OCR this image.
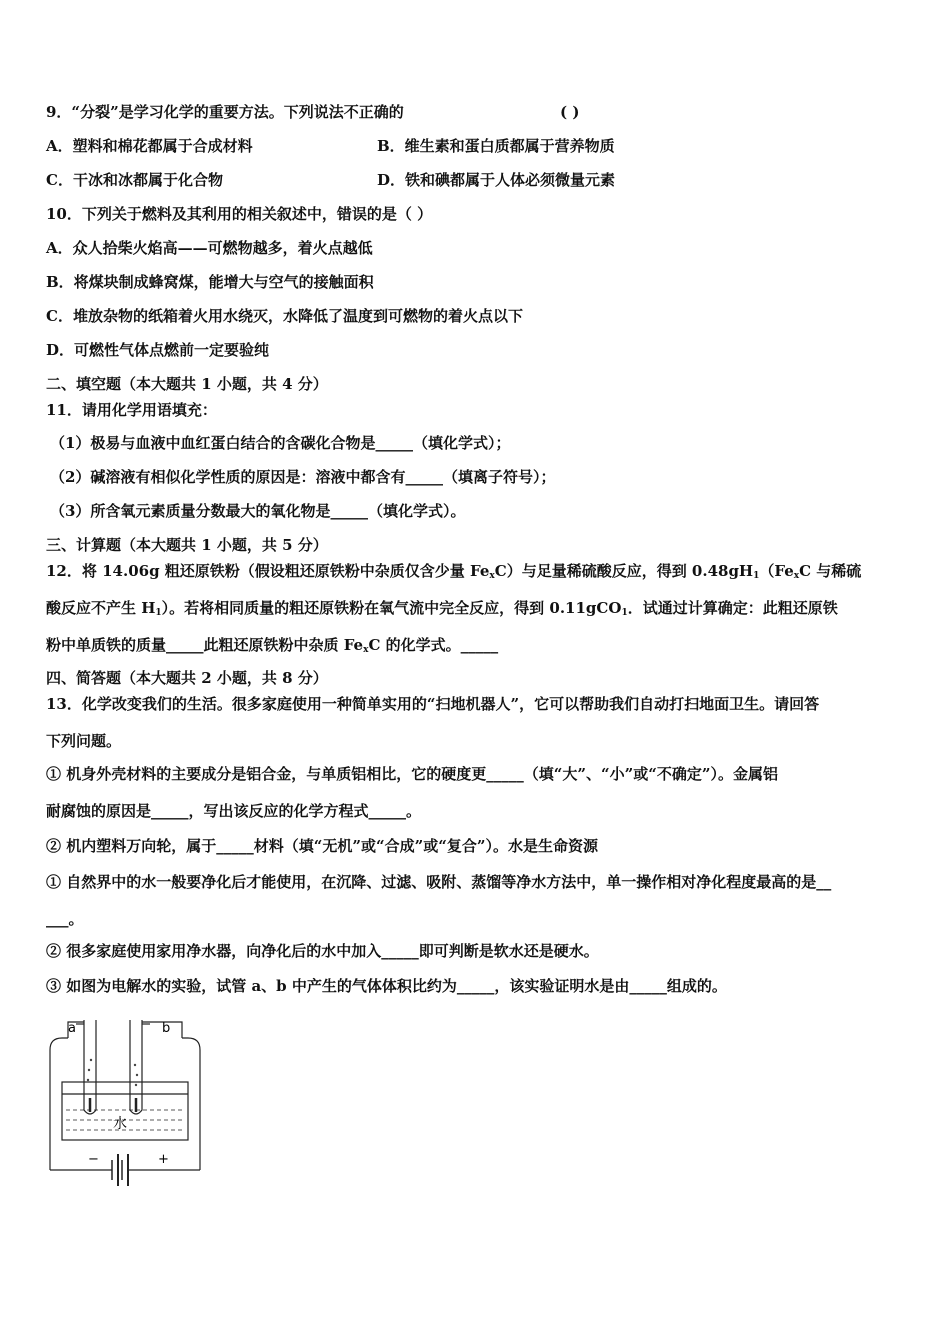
9．“分裂”是学习化学的重要方法。下列说法不正确的	( )
A．塑料和棉花都属于合成材料	B．维生素和蛋白质都属于营养物质
C．干冰和冰都属于化合物	D．铁和碘都属于人体必须微量元素
10．下列关于燃料及其利用的相关叙述中，错误的是（ ）
A．众人拾柴火焰高——可燃物越多，着火点越低
B．将煤块制成蜂窝煤，能增大与空气的接触面积
C．堆放杂物的纸箱着火用水绕灭，水降低了温度到可燃物的着火点以下
D．可燃性气体点燃前一定要验纯
二、填空题（本大题共 1 小题，共 4 分）
11．请用化学用语填充：
（1）极易与血液中血红蛋白结合的含碳化合物是_____（填化学式）；
（2）碱溶液有相似化学性质的原因是：溶液中都含有_____（填离子符号）；
（3）所含氧元素质量分数最大的氧化物是_____（填化学式）。
三、计算题（本大题共 1 小题，共 5 分）
12．将 14.06g 粗还原铁粉（假设粗还原铁粉中杂质仅含少量 $Fe_xC$）与足量稀硫酸反应，得到 $0.48gH_1(Fe_xC$ 与稀硫
酸反应不产生 $H_1$）。若将相同质量的粗还原铁粉在氧气流中完全反应，得到 0.11gCO$_1$．试通过计算确定：此粗还原铁
粉中单质铁的质量_____此粗还原铁粉中杂质 $Fe_xC$ 的化学式。_____
四、简答题（本大题共 2 小题，共 8 分）
13．化学改变我们的生活。很多家庭使用一种简单实用的“扫地机器人”，它可以帮助我们自动打扫地面卫生。请回答
下列问题。
① 机身外壳材料的主要成分是铝合金，与单质铝相比，它的硬度更_____（填“大”、“小”或“不确定”）。金属铝
耐腐蚀的原因是_____，写出该反应的化学方程式_____。
② 机内塑料万向轮，属于_____材料（填“无机”或“合成”或“复合”）。水是生命资源
① 自然界中的水一般要净化后才能使用，在沉降、过滤、吸附、蒸馏等净水方法中，单一操作相对净化程度最高的是__
___。
② 很多家庭使用家用净水器，向净化后的水中加入_____即可判断是软水还是硬水。
③ 如图为电解水的实验，试管 a、b 中产生的气体体积比约为_____，该实验证明水是由_____组成的。
a	b
水
−	+
